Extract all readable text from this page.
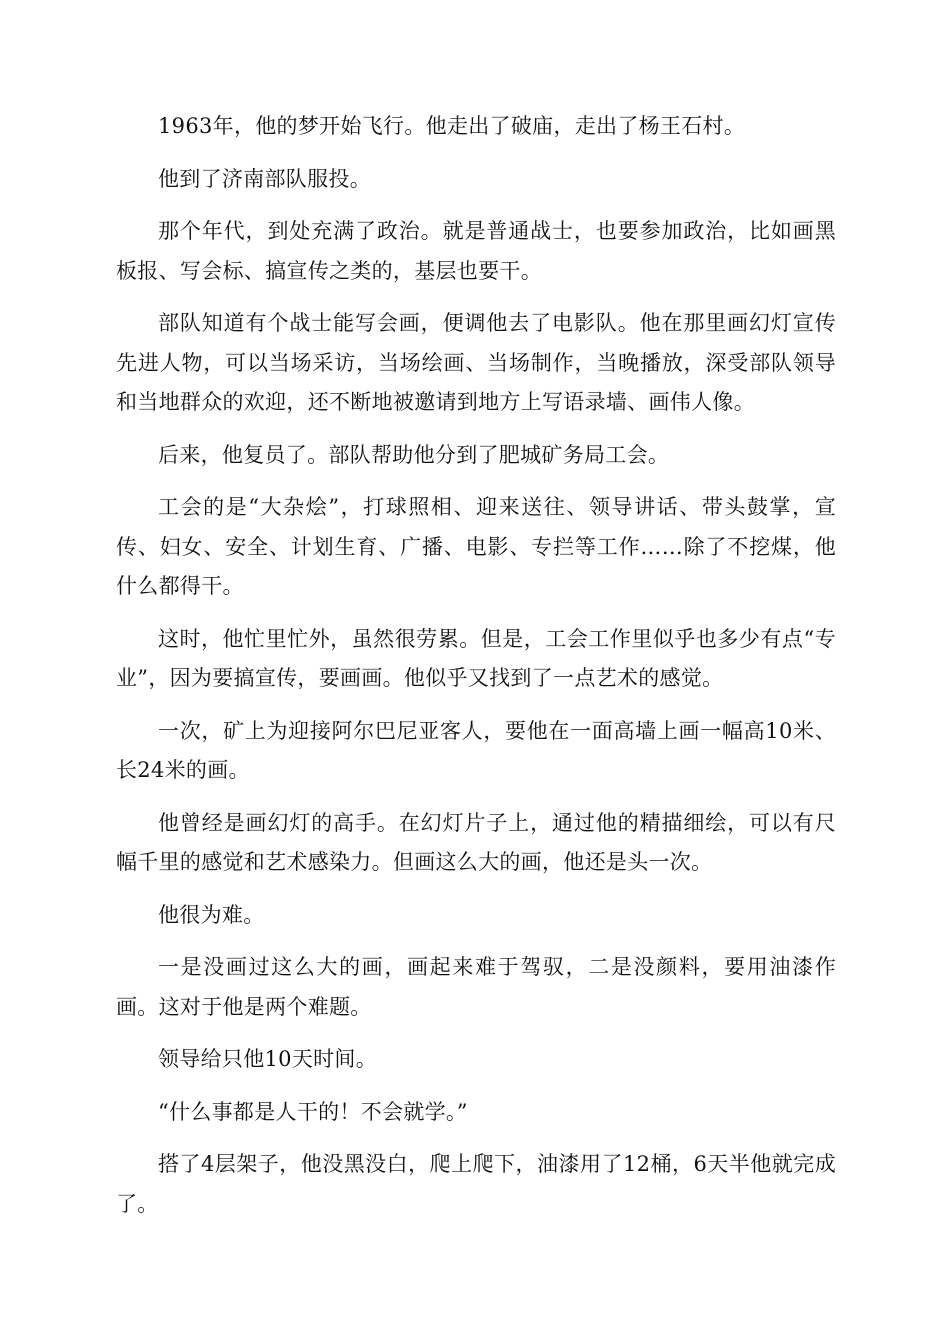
1963年，他的梦开始飞行。他走出了破庙，走出了杨王石村。

他到了济南部队服投。

那个年代，到处充满了政治。就是普通战士，也要参加政治，比如画黑板报、写会标、搞宣传之类的，基层也要干。

部队知道有个战士能写会画，便调他去了电影队。他在那里画幻灯宣传先进人物，可以当场采访，当场绘画、当场制作，当晚播放，深受部队领导和当地群众的欢迎，还不断地被邀请到地方上写语录墙、画伟人像。

后来，他复员了。部队帮助他分到了肥城矿务局工会。

工会的是“大杂烩”，打球照相、迎来送往、领导讲话、带头鼓掌，宣传、妇女、安全、计划生育、广播、电影、专拦等工作……除了不挖煤，他什么都得干。

这时，他忙里忙外，虽然很劳累。但是，工会工作里似乎也多少有点“专业”，因为要搞宣传，要画画。他似乎又找到了一点艺术的感觉。

一次，矿上为迎接阿尔巴尼亚客人，要他在一面高墙上画一幅高10米、长24米的画。

他曾经是画幻灯的高手。在幻灯片子上，通过他的精描细绘，可以有尺幅千里的感觉和艺术感染力。但画这么大的画，他还是头一次。

他很为难。

一是没画过这么大的画，画起来难于驾驭，二是没颜料，要用油漆作画。这对于他是两个难题。

领导给只他10天时间。

“什么事都是人干的！不会就学。”

搭了4层架子，他没黑没白，爬上爬下，油漆用了12桶，6天半他就完成了。
